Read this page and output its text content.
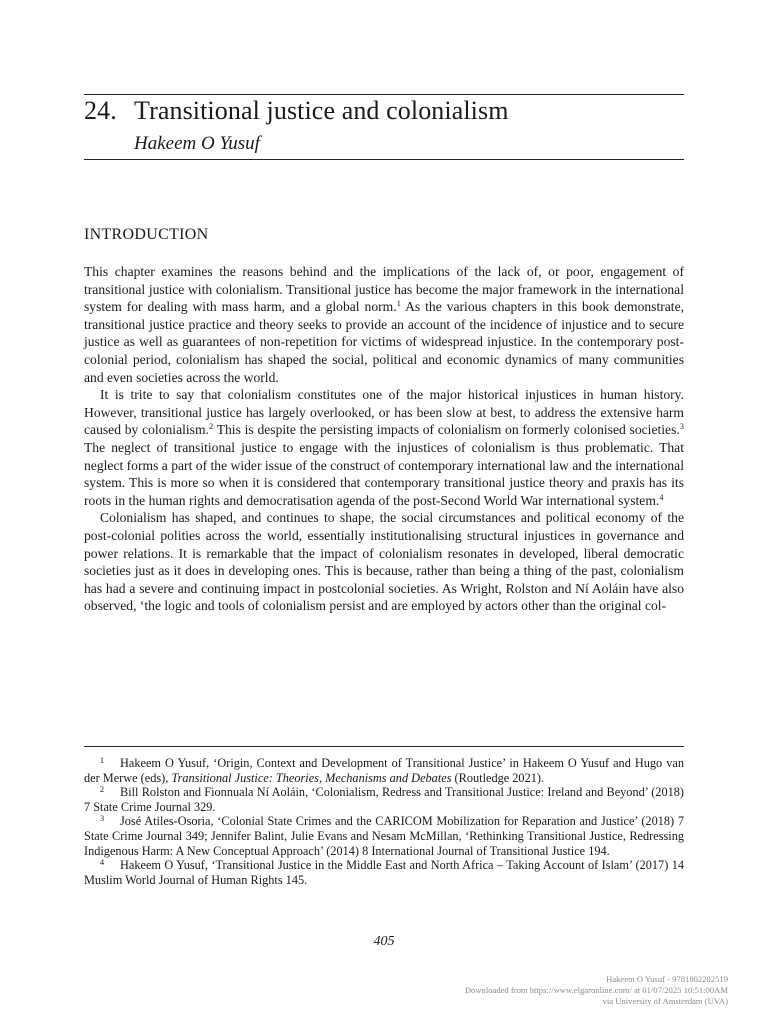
24. Transitional justice and colonialism
Hakeem O Yusuf
INTRODUCTION

This chapter examines the reasons behind and the implications of the lack of, or poor, engagement of transitional justice with colonialism. Transitional justice has become the major framework in the international system for dealing with mass harm, and a global norm.$^1$ As the various chapters in this book demonstrate, transitional justice practice and theory seeks to provide an account of the incidence of injustice and to secure justice as well as guarantees of non-repetition for victims of widespread injustice. In the contemporary post-colonial period, colonialism has shaped the social, political and economic dynamics of many communities and even societies across the world.

It is trite to say that colonialism constitutes one of the major historical injustices in human history. However, transitional justice has largely overlooked, or has been slow at best, to address the extensive harm caused by colonialism.$^2$ This is despite the persisting impacts of colonialism on formerly colonised societies.$^3$ The neglect of transitional justice to engage with the injustices of colonialism is thus problematic. That neglect forms a part of the wider issue of the construct of contemporary international law and the international system. This is more so when it is considered that contemporary transitional justice theory and praxis has its roots in the human rights and democratisation agenda of the post-Second World War international system.$^4$

Colonialism has shaped, and continues to shape, the social circumstances and political economy of the post-colonial polities across the world, essentially institutionalising structural injustices in governance and power relations. It is remarkable that the impact of colonialism resonates in developed, liberal democratic societies just as it does in developing ones. This is because, rather than being a thing of the past, colonialism has had a severe and continuing impact in postcolonial societies. As Wright, Rolston and Ní Aoláin have also observed, ‘the logic and tools of colonialism persist and are employed by actors other than the original col-

1 Hakeem O Yusuf, ‘Origin, Context and Development of Transitional Justice’ in Hakeem O Yusuf and Hugo van der Merwe (eds), Transitional Justice: Theories, Mechanisms and Debates (Routledge 2021).

2 Bill Rolston and Fionnuala Ní Aoláin, ‘Colonialism, Redress and Transitional Justice: Ireland and Beyond’ (2018) 7 State Crime Journal 329.

3 José Atiles-Osoria, ‘Colonial State Crimes and the CARICOM Mobilization for Reparation and Justice’ (2018) 7 State Crime Journal 349; Jennifer Balint, Julie Evans and Nesam McMillan, ‘Rethinking Transitional Justice, Redressing Indigenous Harm: A New Conceptual Approach’ (2014) 8 International Journal of Transitional Justice 194.

4 Hakeem O Yusuf, ‘Transitional Justice in the Middle East and North Africa – Taking Account of Islam’ (2017) 14 Muslim World Journal of Human Rights 145.

405

Hakeem O Yusuf - 9781802202519
Downloaded from https://www.elgaronline.com/ at 01/07/2025 10:51:00AM
via University of Amsterdam (UVA)
